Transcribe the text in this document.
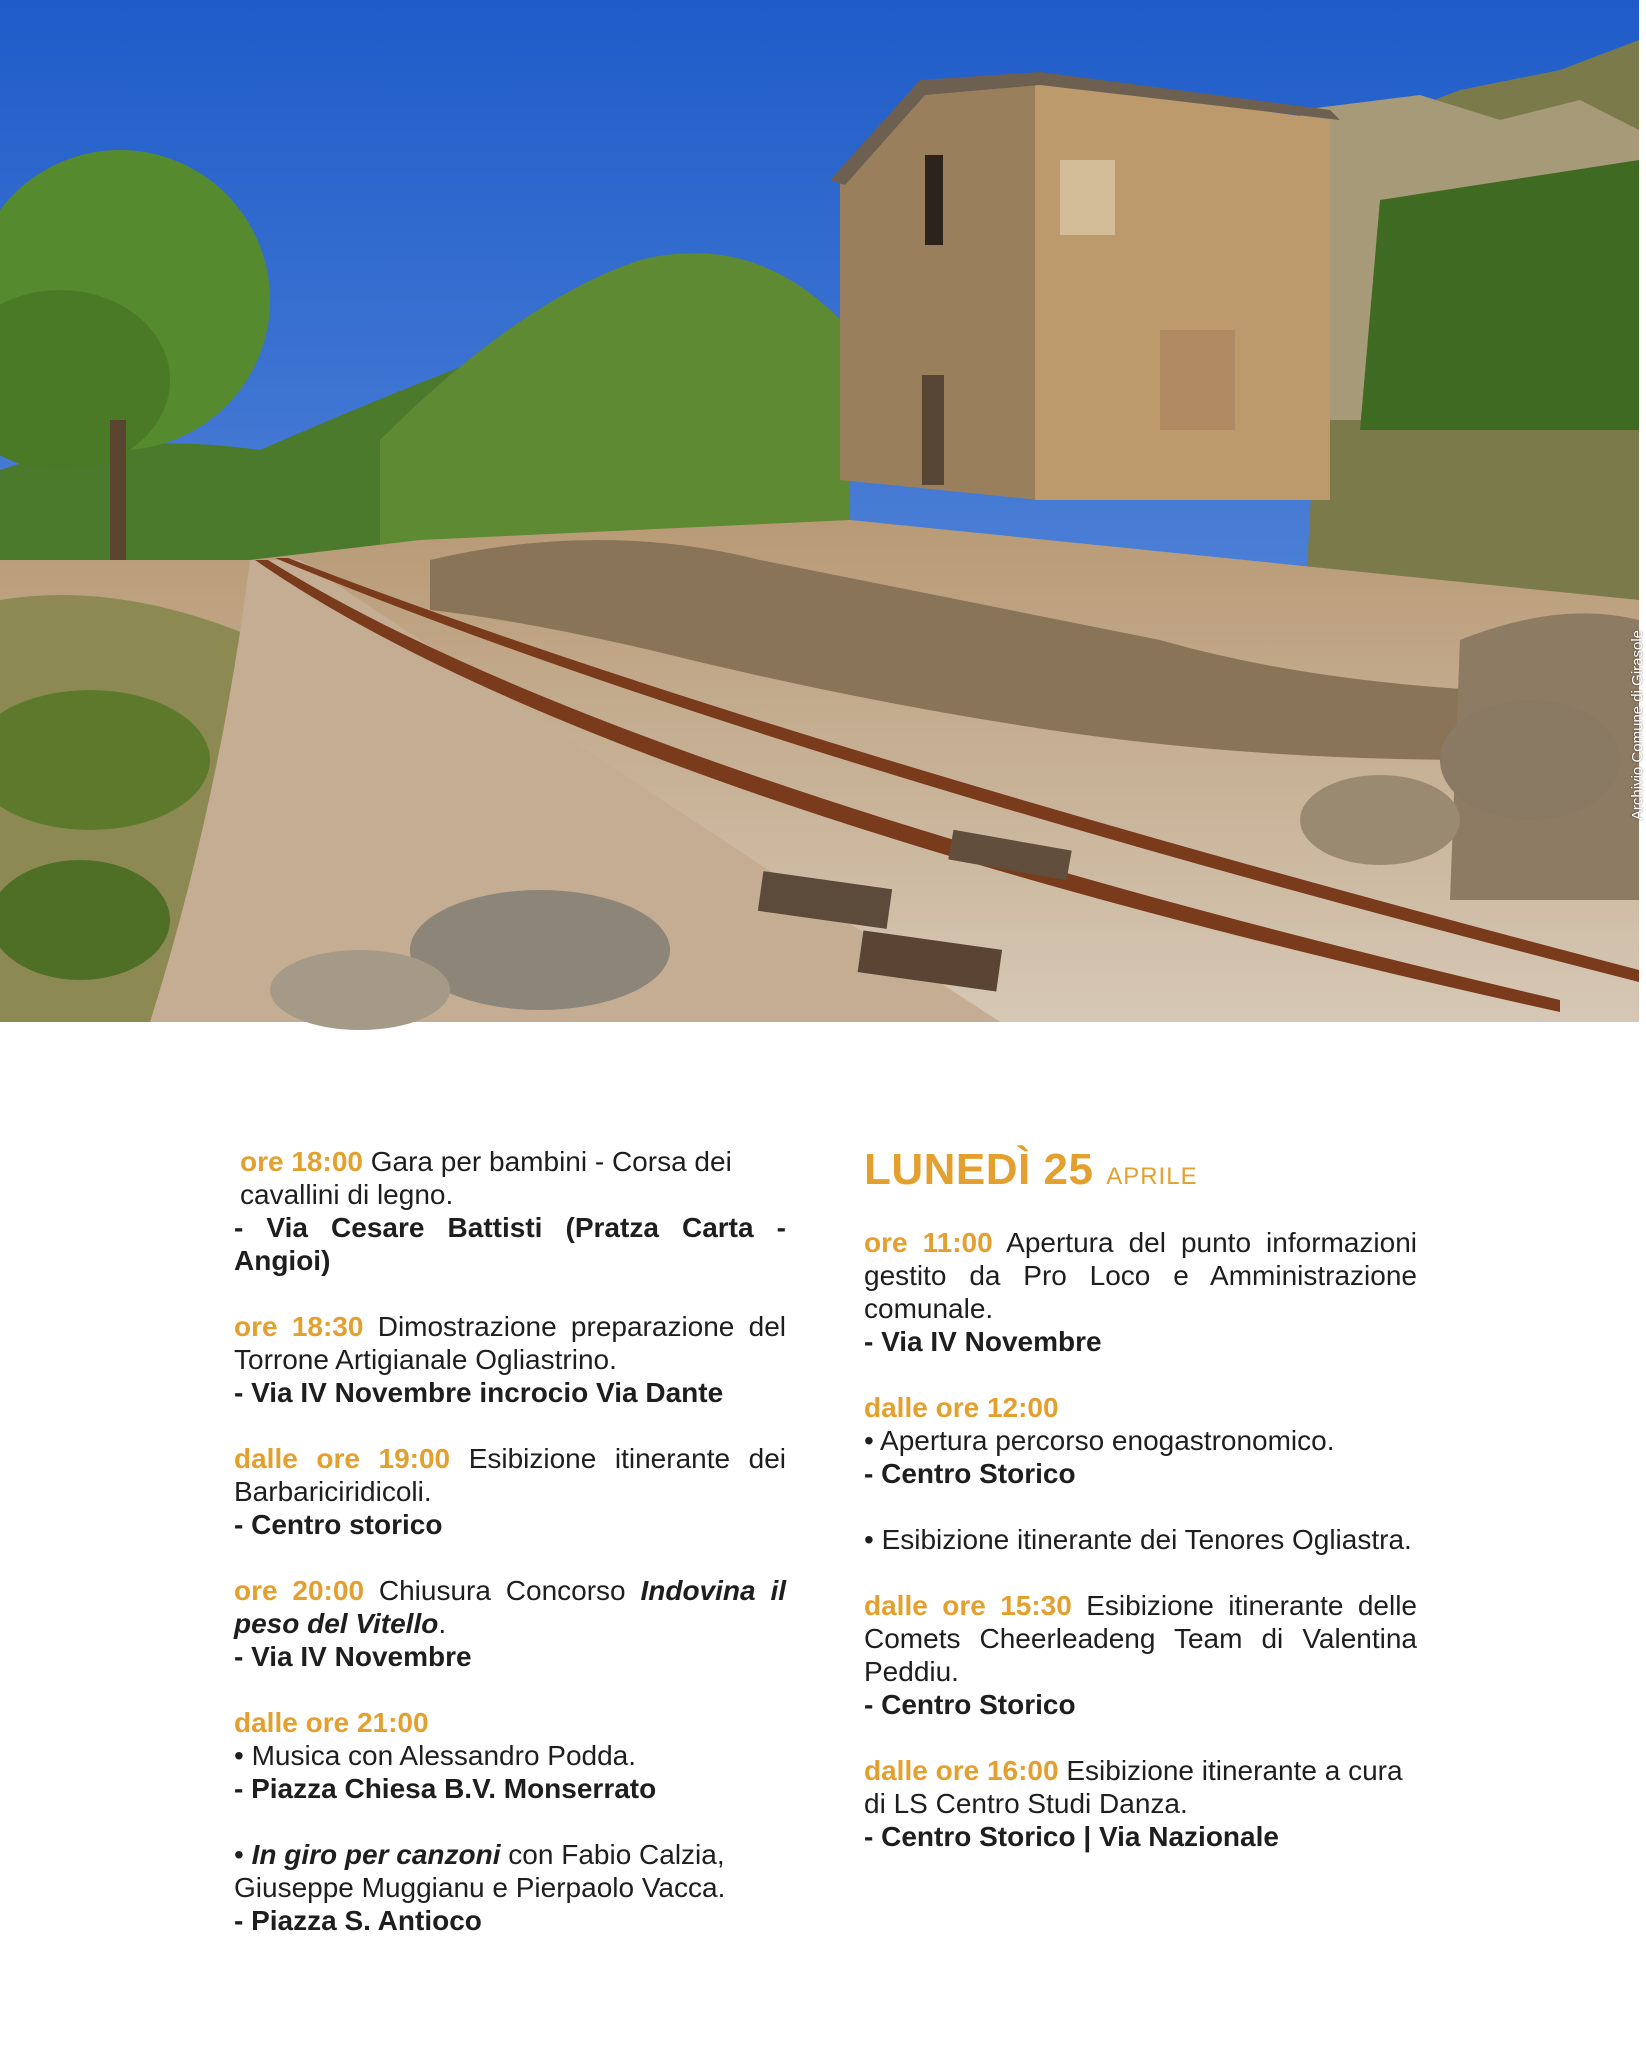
Archivio Comune di Girasole
ore 18:00 Gara per bambini - Corsa dei cavallini di legno.
- Via Cesare Battisti (Pratza Carta - Angioi)
ore 18:30 Dimostrazione preparazione del Torrone Artigianale Ogliastrino.
- Via IV Novembre incrocio Via Dante
dalle ore 19:00 Esibizione itinerante dei Barbariciridicoli.
- Centro storico
ore 20:00 Chiusura Concorso Indovina il peso del Vitello.
- Via IV Novembre
dalle ore 21:00
• Musica con Alessandro Podda.
- Piazza Chiesa B.V. Monserrato
• In giro per canzoni con Fabio Calzia, Giuseppe Muggianu e Pierpaolo Vacca.
- Piazza S. Antioco
LUNEDÌ 25 APRILE
ore 11:00 Apertura del punto informazioni gestito da Pro Loco e Amministrazione comunale.
- Via IV Novembre
dalle ore 12:00
• Apertura percorso enogastronomico.
- Centro Storico
• Esibizione itinerante dei Tenores Ogliastra.
dalle ore 15:30 Esibizione itinerante delle Comets Cheerleadeng Team di Valentina Peddiu.
- Centro Storico
dalle ore 16:00 Esibizione itinerante a cura di LS Centro Studi Danza.
- Centro Storico | Via Nazionale
